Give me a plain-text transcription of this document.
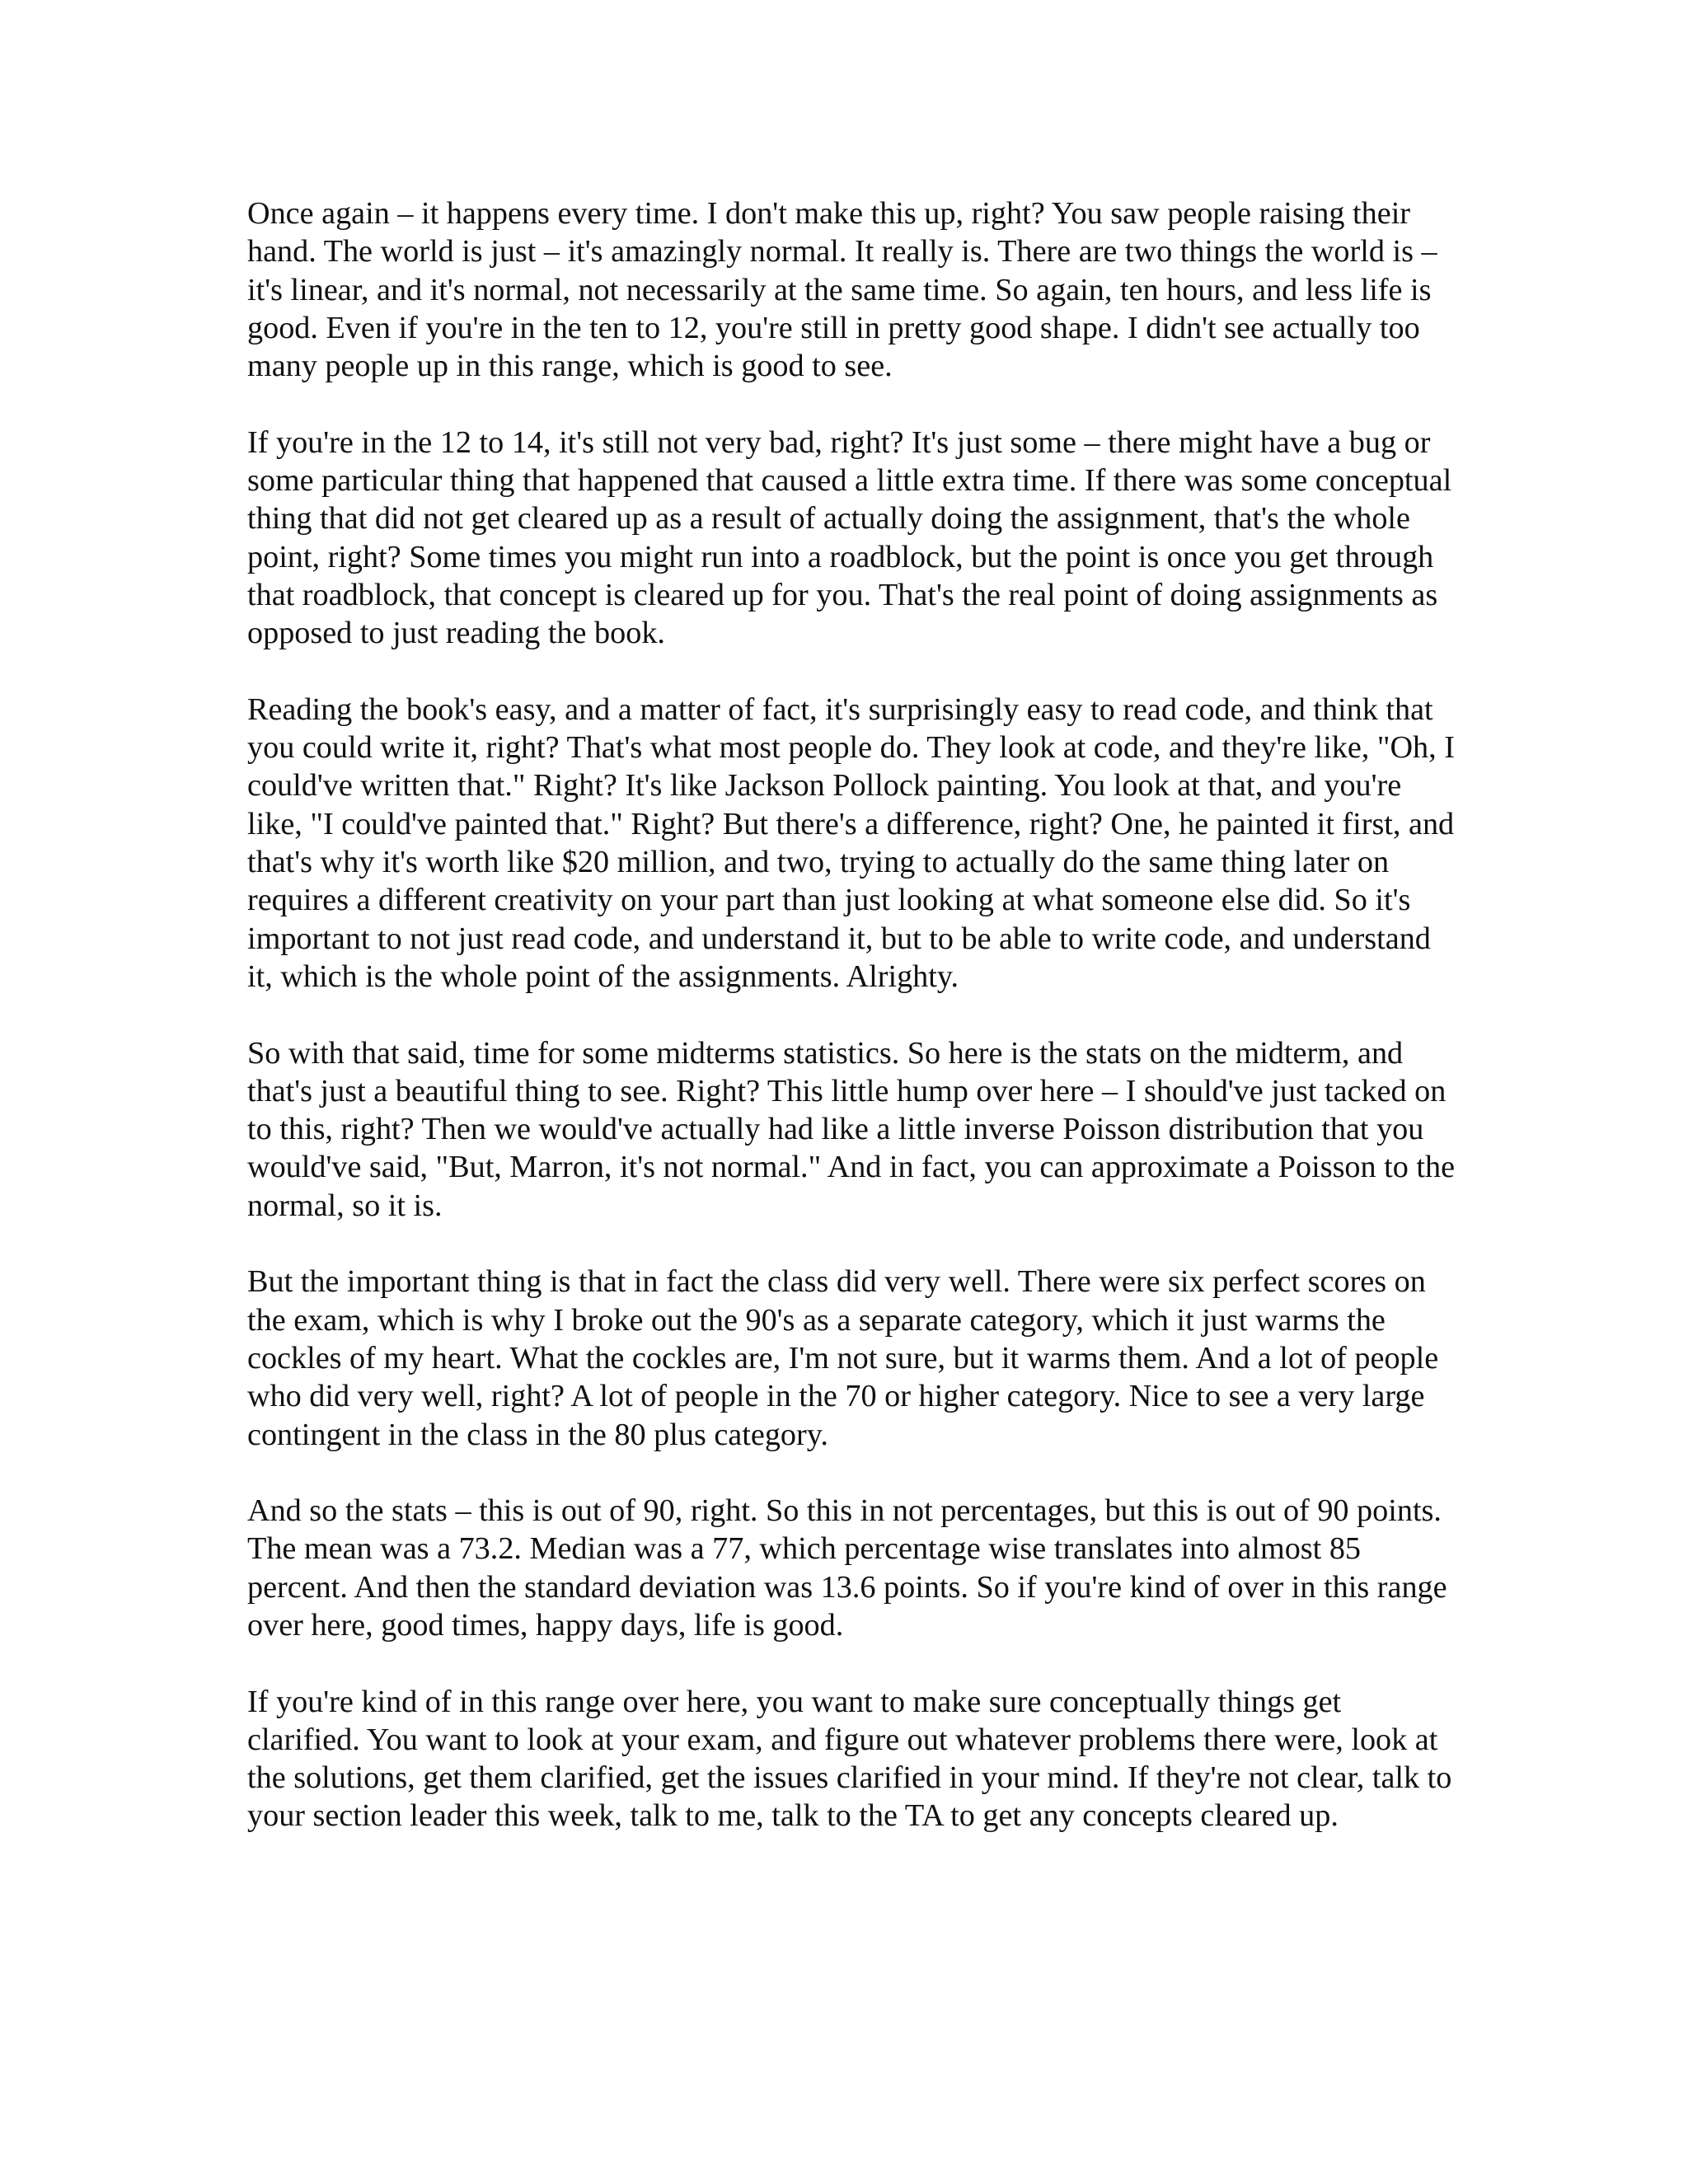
Once again – it happens every time. I don't make this up, right? You saw people raising their hand. The world is just – it's amazingly normal. It really is. There are two things the world is – it's linear, and it's normal, not necessarily at the same time. So again, ten hours, and less life is good. Even if you're in the ten to 12, you're still in pretty good shape. I didn't see actually too many people up in this range, which is good to see.

If you're in the 12 to 14, it's still not very bad, right? It's just some – there might have a bug or some particular thing that happened that caused a little extra time. If there was some conceptual thing that did not get cleared up as a result of actually doing the assignment, that's the whole point, right? Some times you might run into a roadblock, but the point is once you get through that roadblock, that concept is cleared up for you. That's the real point of doing assignments as opposed to just reading the book.

Reading the book's easy, and a matter of fact, it's surprisingly easy to read code, and think that you could write it, right? That's what most people do. They look at code, and they're like, "Oh, I could've written that." Right? It's like Jackson Pollock painting. You look at that, and you're like, "I could've painted that." Right? But there's a difference, right? One, he painted it first, and that's why it's worth like $20 million, and two, trying to actually do the same thing later on requires a different creativity on your part than just looking at what someone else did. So it's important to not just read code, and understand it, but to be able to write code, and understand it, which is the whole point of the assignments. Alrighty.

So with that said, time for some midterms statistics. So here is the stats on the midterm, and that's just a beautiful thing to see. Right? This little hump over here – I should've just tacked on to this, right? Then we would've actually had like a little inverse Poisson distribution that you would've said, "But, Marron, it's not normal." And in fact, you can approximate a Poisson to the normal, so it is.

But the important thing is that in fact the class did very well. There were six perfect scores on the exam, which is why I broke out the 90's as a separate category, which it just warms the cockles of my heart. What the cockles are, I'm not sure, but it warms them. And a lot of people who did very well, right? A lot of people in the 70 or higher category. Nice to see a very large contingent in the class in the 80 plus category.

And so the stats – this is out of 90, right. So this in not percentages, but this is out of 90 points. The mean was a 73.2. Median was a 77, which percentage wise translates into almost 85 percent. And then the standard deviation was 13.6 points. So if you're kind of over in this range over here, good times, happy days, life is good.

If you're kind of in this range over here, you want to make sure conceptually things get clarified. You want to look at your exam, and figure out whatever problems there were, look at the solutions, get them clarified, get the issues clarified in your mind. If they're not clear, talk to your section leader this week, talk to me, talk to the TA to get any concepts cleared up.
